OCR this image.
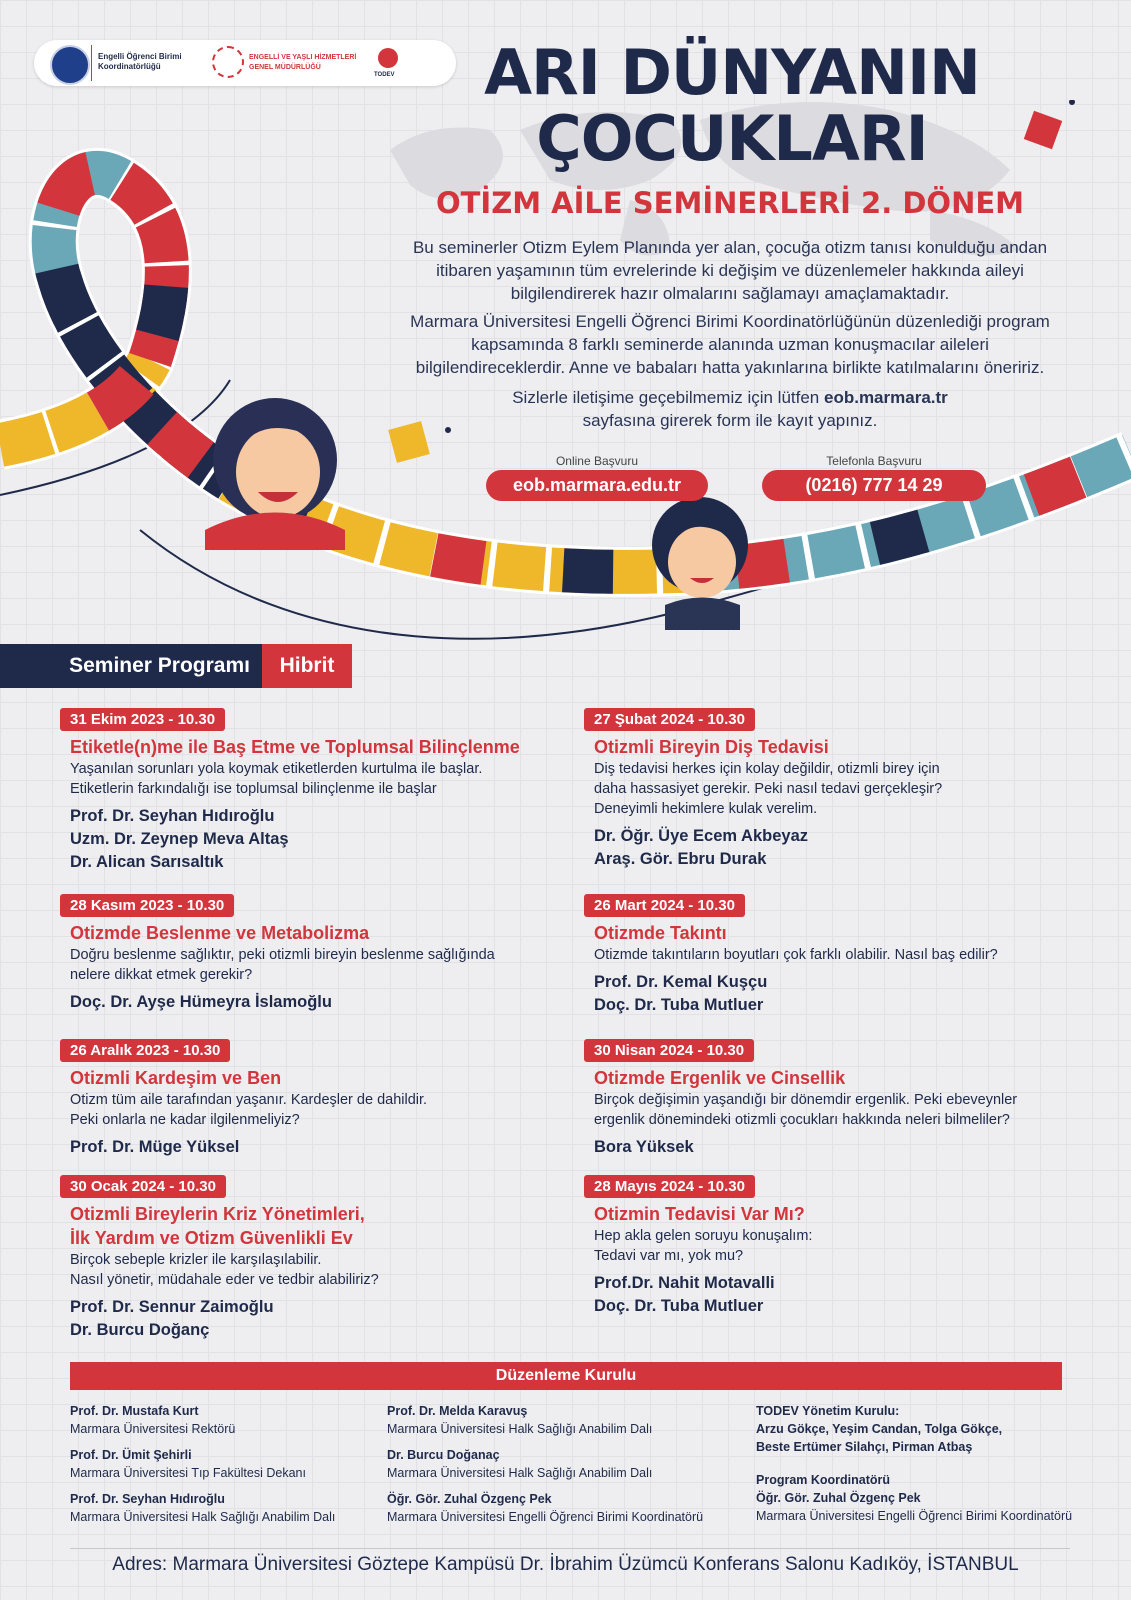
Engelli Öğrenci Birimi
Koordinatörlüğü
ENGELLİ VE YAŞLI HİZMETLERİ
GENEL MÜDÜRLÜĞÜ
TODEV	ARI DÜNYANIN
ÇOCUKLARI
OTİZM AİLE SEMİNERLERİ 2. DÖNEM
Bu seminerler Otizm Eylem Planında yer alan, çocuğa otizm tanısı konulduğu andan itibaren yaşamının tüm evrelerinde ki değişim ve düzenlemeler hakkında aileyi bilgilendirerek hazır olmalarını sağlamayı amaçlamaktadır.
Marmara Üniversitesi Engelli Öğrenci Birimi Koordinatörlüğünün düzenlediği program kapsamında 8 farklı seminerde alanında uzman konuşmacılar aileleri bilgilendireceklerdir. Anne ve babaları hatta yakınlarına birlikte katılmalarını öneririz.
Sizlerle iletişime geçebilmemiz için lütfen eob.marmara.tr
sayfasına girerek form ile kayıt yapınız.
Online Başvuru
eob.marmara.edu.tr
Telefonla Başvuru
(0216) 777 14 29
Seminer Programı	Hibrit
31 Ekim 2023 - 10.30
Etiketle(n)me ile Baş Etme ve Toplumsal Bilinçlenme
Yaşanılan sorunları yola koymak etiketlerden kurtulma ile başlar.
Etiketlerin farkındalığı ise toplumsal bilinçlenme ile başlar
Prof. Dr. Seyhan Hıdıroğlu
Uzm. Dr. Zeynep Meva Altaş
Dr. Alican Sarısaltık
28 Kasım 2023 - 10.30
Otizmde Beslenme ve Metabolizma
Doğru beslenme sağlıktır, peki otizmli bireyin beslenme sağlığında
nelere dikkat etmek gerekir?
Doç. Dr. Ayşe Hümeyra İslamoğlu
26 Aralık 2023 - 10.30
Otizmli Kardeşim ve Ben
Otizm tüm aile tarafından yaşanır. Kardeşler de dahildir.
Peki onlarla ne kadar ilgilenmeliyiz?
Prof. Dr. Müge Yüksel
30 Ocak 2024 - 10.30
Otizmli Bireylerin Kriz Yönetimleri,
İlk Yardım ve Otizm Güvenlikli Ev
Birçok sebeple krizler ile karşılaşılabilir.
Nasıl yönetir, müdahale eder ve tedbir alabiliriz?
Prof. Dr. Sennur Zaimoğlu
Dr. Burcu Doğanç
27 Şubat 2024 - 10.30
Otizmli Bireyin Diş Tedavisi
Diş tedavisi herkes için kolay değildir, otizmli birey için
daha hassasiyet gerekir. Peki nasıl tedavi gerçekleşir?
Deneyimli hekimlere kulak verelim.
Dr. Öğr. Üye Ecem Akbeyaz
Araş. Gör. Ebru Durak
26 Mart 2024 - 10.30
Otizmde Takıntı
Otizmde takıntıların boyutları çok farklı olabilir. Nasıl baş edilir?
Prof. Dr. Kemal Kuşçu
Doç. Dr. Tuba Mutluer
30 Nisan 2024 - 10.30
Otizmde Ergenlik ve Cinsellik
Birçok değişimin yaşandığı bir dönemdir ergenlik. Peki ebeveynler
ergenlik dönemindeki otizmli çocukları hakkında neleri bilmeliler?
Bora Yüksek
28 Mayıs 2024 - 10.30
Otizmin Tedavisi Var Mı?
Hep akla gelen soruyu konuşalım:
Tedavi var mı, yok mu?
Prof.Dr. Nahit Motavalli
Doç. Dr. Tuba Mutluer
Düzenleme Kurulu
Prof. Dr. Mustafa Kurt
Marmara Üniversitesi Rektörü
Prof. Dr. Ümit Şehirli
Marmara Üniversitesi Tıp Fakültesi Dekanı
Prof. Dr. Seyhan Hıdıroğlu
Marmara Üniversitesi Halk Sağlığı Anabilim Dalı
Prof. Dr. Melda Karavuş
Marmara Üniversitesi Halk Sağlığı Anabilim Dalı
Dr. Burcu Doğanaç
Marmara Üniversitesi Halk Sağlığı Anabilim Dalı
Öğr. Gör. Zuhal Özgenç Pek
Marmara Üniversitesi Engelli Öğrenci Birimi Koordinatörü
TODEV Yönetim Kurulu:
Arzu Gökçe, Yeşim Candan, Tolga Gökçe,
Beste Ertümer Silahçı, Pirman Atbaş
Program Koordinatörü
Öğr. Gör. Zuhal Özgenç Pek
Marmara Üniversitesi Engelli Öğrenci Birimi Koordinatörü
Adres: Marmara Üniversitesi Göztepe Kampüsü Dr. İbrahim Üzümcü Konferans Salonu Kadıköy, İSTANBUL
